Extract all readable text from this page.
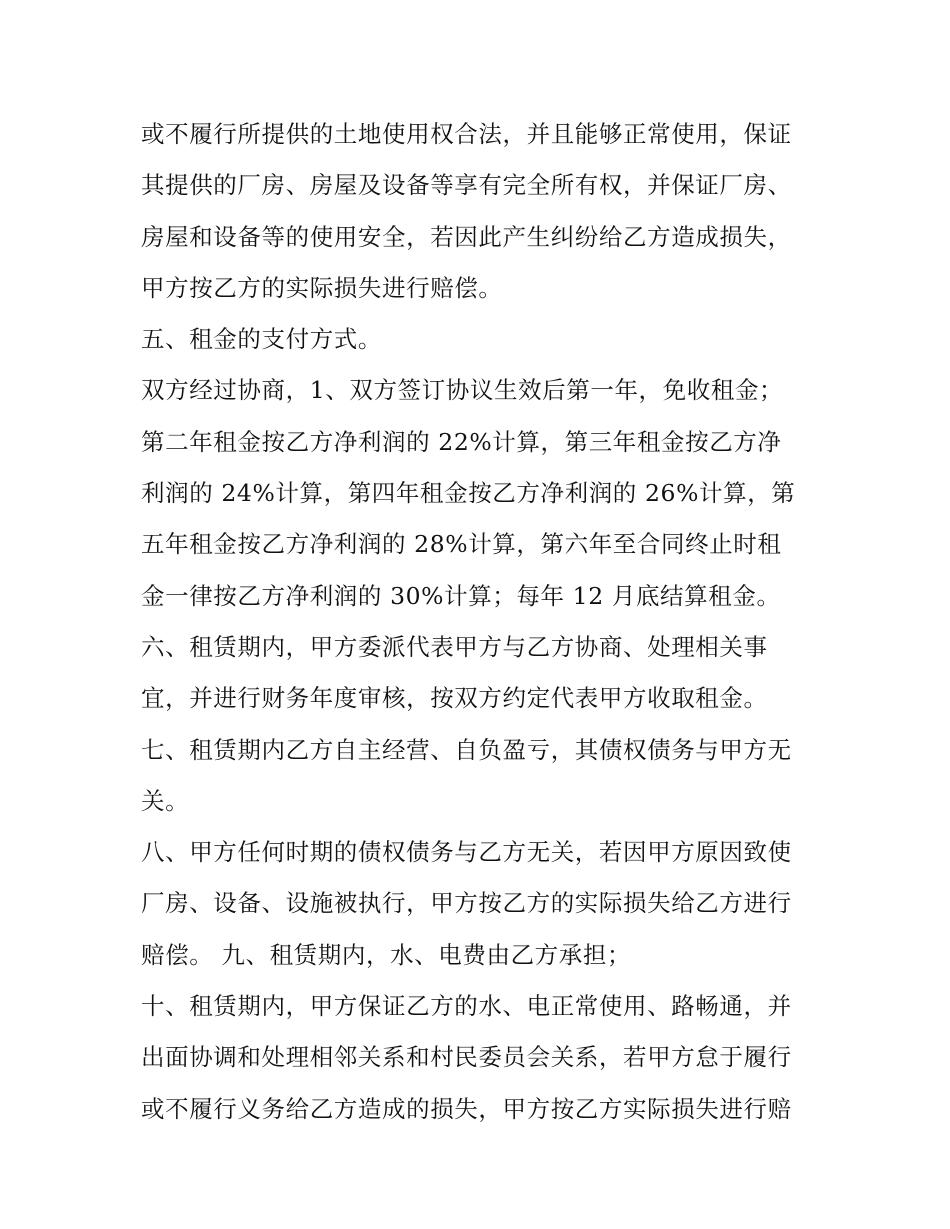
或不履行所提供的土地使用权合法，并且能够正常使用，保证
其提供的厂房、房屋及设备等享有完全所有权，并保证厂房、
房屋和设备等的使用安全，若因此产生纠纷给乙方造成损失，
甲方按乙方的实际损失进行赔偿。
五、租金的支付方式。
双方经过协商，1、双方签订协议生效后第一年，免收租金；
第二年租金按乙方净利润的 22%计算，第三年租金按乙方净
利润的 24%计算，第四年租金按乙方净利润的 26%计算，第
五年租金按乙方净利润的 28%计算，第六年至合同终止时租
金一律按乙方净利润的 30%计算；每年 12 月底结算租金。
六、租赁期内，甲方委派代表甲方与乙方协商、处理相关事
宜，并进行财务年度审核，按双方约定代表甲方收取租金。
七、租赁期内乙方自主经营、自负盈亏，其债权债务与甲方无
关。
八、甲方任何时期的债权债务与乙方无关，若因甲方原因致使
厂房、设备、设施被执行，甲方按乙方的实际损失给乙方进行
赔偿。 九、租赁期内，水、电费由乙方承担；
十、租赁期内，甲方保证乙方的水、电正常使用、路畅通，并
出面协调和处理相邻关系和村民委员会关系，若甲方怠于履行
或不履行义务给乙方造成的损失，甲方按乙方实际损失进行赔
